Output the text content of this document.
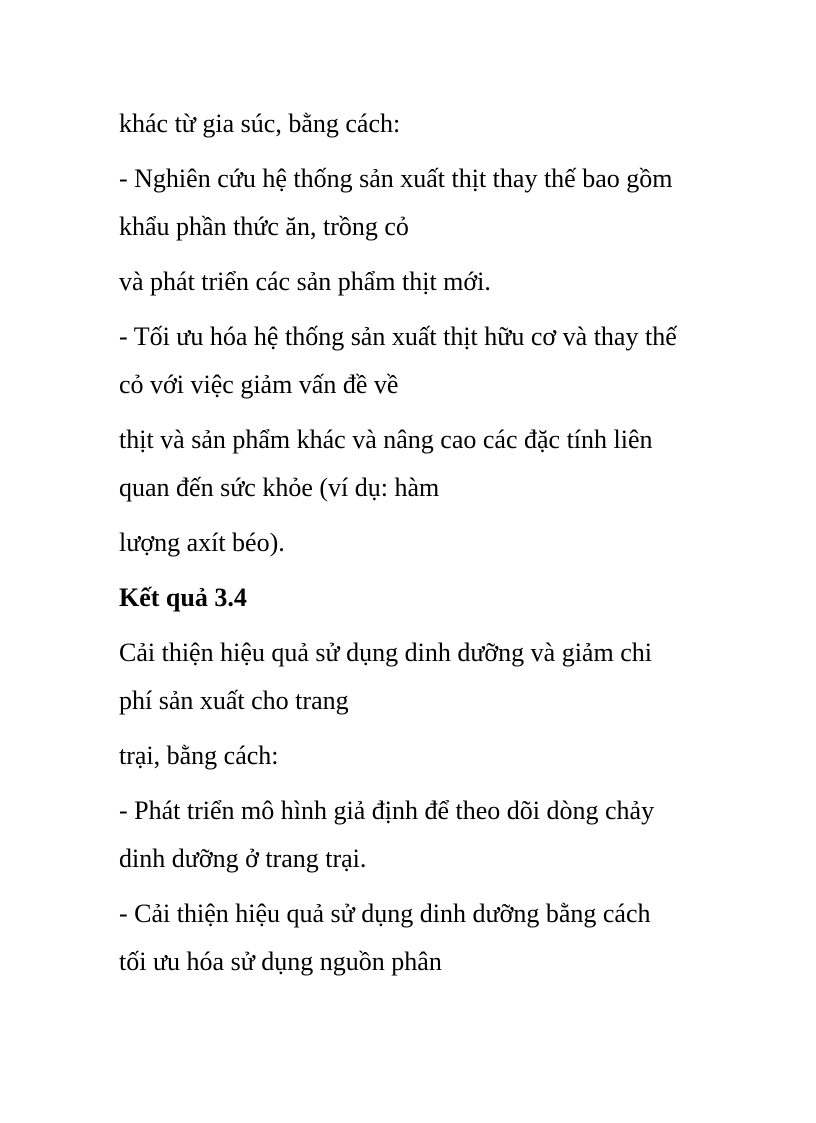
khác từ gia súc, bằng cách:
- Nghiên cứu hệ thống sản xuất thịt thay thế bao gồm
khẩu phần thức ăn, trồng cỏ
và phát triển các sản phẩm thịt mới.
- Tối ưu hóa hệ thống sản xuất thịt hữu cơ và thay thế
cỏ với việc giảm vấn đề về
thịt và sản phẩm khác và nâng cao các đặc tính liên
quan đến sức khỏe (ví dụ: hàm
lượng axít béo).
Kết quả 3.4
Cải thiện hiệu quả sử dụng dinh dưỡng và giảm chi
phí sản xuất cho trang
trại, bằng cách:
- Phát triển mô hình giả định để theo dõi dòng chảy
dinh dưỡng ở trang trại.
- Cải thiện hiệu quả sử dụng dinh dưỡng bằng cách
tối ưu hóa sử dụng nguồn phân
